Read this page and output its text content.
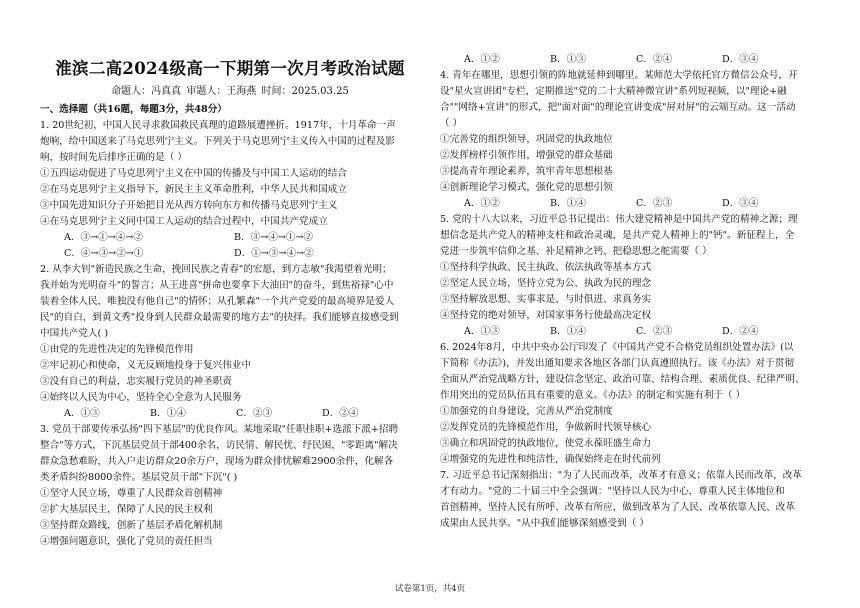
淮滨二高2024级高一下期第一次月考政治试题
命题人：冯真真 审题人：王海燕 时间：2025.03.25
一、选择题（共16题，每题3分，共48分）
1. 20世纪初，中国人民寻求救国救民真理的道路展遭挫折。1917年，十月革命一声
炮响，给中国送来了马克思列宁主义。下列关于马克思列宁主义传入中国的过程及影
响，按时间先后排序正确的是（ ）
①五四运动促进了马克思列宁主义在中国的传播及与中国工人运动的结合
②在马克思列宁主义指导下，新民主主义革命胜利，中华人民共和国成立
③中国先进知识分子开始把目光从西方转向东方和传播马克思列宁主义
④在马克思列宁主义同中国工人运动的结合过程中，中国共产党成立
A．③→①→④→②	B．③→④→①→②
C．④→③→②→①	D．①→③→④→②
2. 从李大钊"新造民族之生命，挽回民族之青春"的宏愿，到方志敏"我渴望着光明；
我并始为光明奋斗"的誓言；从王进喜"拼命也要拿下大油田"的奋斗，到焦裕禄"心中
装着全体人民，唯独没有他自己"的情怀；从孔繁森"一个共产党爱的最高境界是爱人
民"的自白，到黄文秀"投身到人民群众最需要的地方去"的抉择。我们能够直接感受到
中国共产党人( )
①由党的先进性决定的先锋模范作用
②牢记初心和使命，义无反顾地投身于复兴伟业中
③没有自己的利益，忠实履行党员的神圣职责
④始终以人民为中心，坚持全心全意为人民服务
A．①③	B．①④	C．②③	D．②④
3. 党员干部要传承弘扬"四下基层"的优良作风。某地采取"任职挂职+选派下派+招聘
整合"等方式，下沉基层党员干部400余名，访民情、解民忧、纾民困，"零距离"解决
群众急愁难盼，共入户走访群众20余万户，现场为群众排忧解难2900余件，化解各
类矛盾纠纷8000余件。基层党员干部"下沉"( )
①坚守人民立场，尊重了人民群众首创精神
②扩大基层民主，保障了人民的民主权利
③坚持群众路线，创新了基层矛盾化解机制
④增强问题意识，强化了党员的责任担当
A．①②	B．①③	C．②④	D．③④
4. 青年在哪里，思想引领的阵地就延伸到哪里。某师范大学依托官方微信公众号，开
设"星火宣讲团"专栏，定期推送"党的二十大精神微宣讲"系列短视频，以"理论+融
合""网络+宣讲"的形式，把"面对面"的理论宣讲变成"屏对屏"的云端互动。这一活动
（ ）
①完善党的组织领导，巩固党的执政地位
②发挥榜样引领作用，增强党的群众基础
③提高青年理论素养，筑牢青年思想根基
④创新理论学习模式，强化党的思想引领
A．①②	B．①④	C．②③	D．③④
5. 党的十八大以来，习近平总书记提出：伟大建党精神是中国共产党的精神之源；理
想信念是共产党人的精神支柱和政治灵魂，是共产党人精神上的"钙"。新征程上，全
党进一步筑牢信仰之基、补足精神之钙、把稳思想之舵需要（ ）
①坚持科学执政、民主执政、依法执政等基本方式
②坚定人民立场，坚持立党为公、执政为民的理念
③坚持解放思想、实事求是、与时俱进、求真务实
④坚持党的绝对领导，对国家事务行使最高决定权
A．①③	B．①④	C．②③	D．②④
6. 2024年8月，中共中央办公厅印发了《中国共产党不合格党员组织处置办法》(以
下简称《办法》)，并发出通知要求各地区各部门认真遵照执行。该《办法》对于贯彻
全面从严治党战略方针，建设信念坚定、政治可靠、结构合理、素质优良、纪律严明、
作用突出的党员队伍具有重要的意义。《办法》的制定和实施有利于（ ）
①加强党的自身建设，完善从严治党制度
②发挥党员的先锋模范作用，争做新时代领导核心
③确立和巩固党的执政地位，使党永葆旺盛生命力
④增强党的先进性和纯洁性，确保始终走在时代前列
7. 习近平总书记深刻指出："为了人民而改革，改革才有意义；依靠人民而改革，改革
才有动力。"党的二十届三中全会强调："坚持以人民为中心，尊重人民主体地位和
首创精神，坚持人民有所呼、改革有所应，做到改革为了人民、改革依靠人民、改革
成果由人民共享。"从中我们能够深刻感受到（ ）
试卷第1页，共4页
